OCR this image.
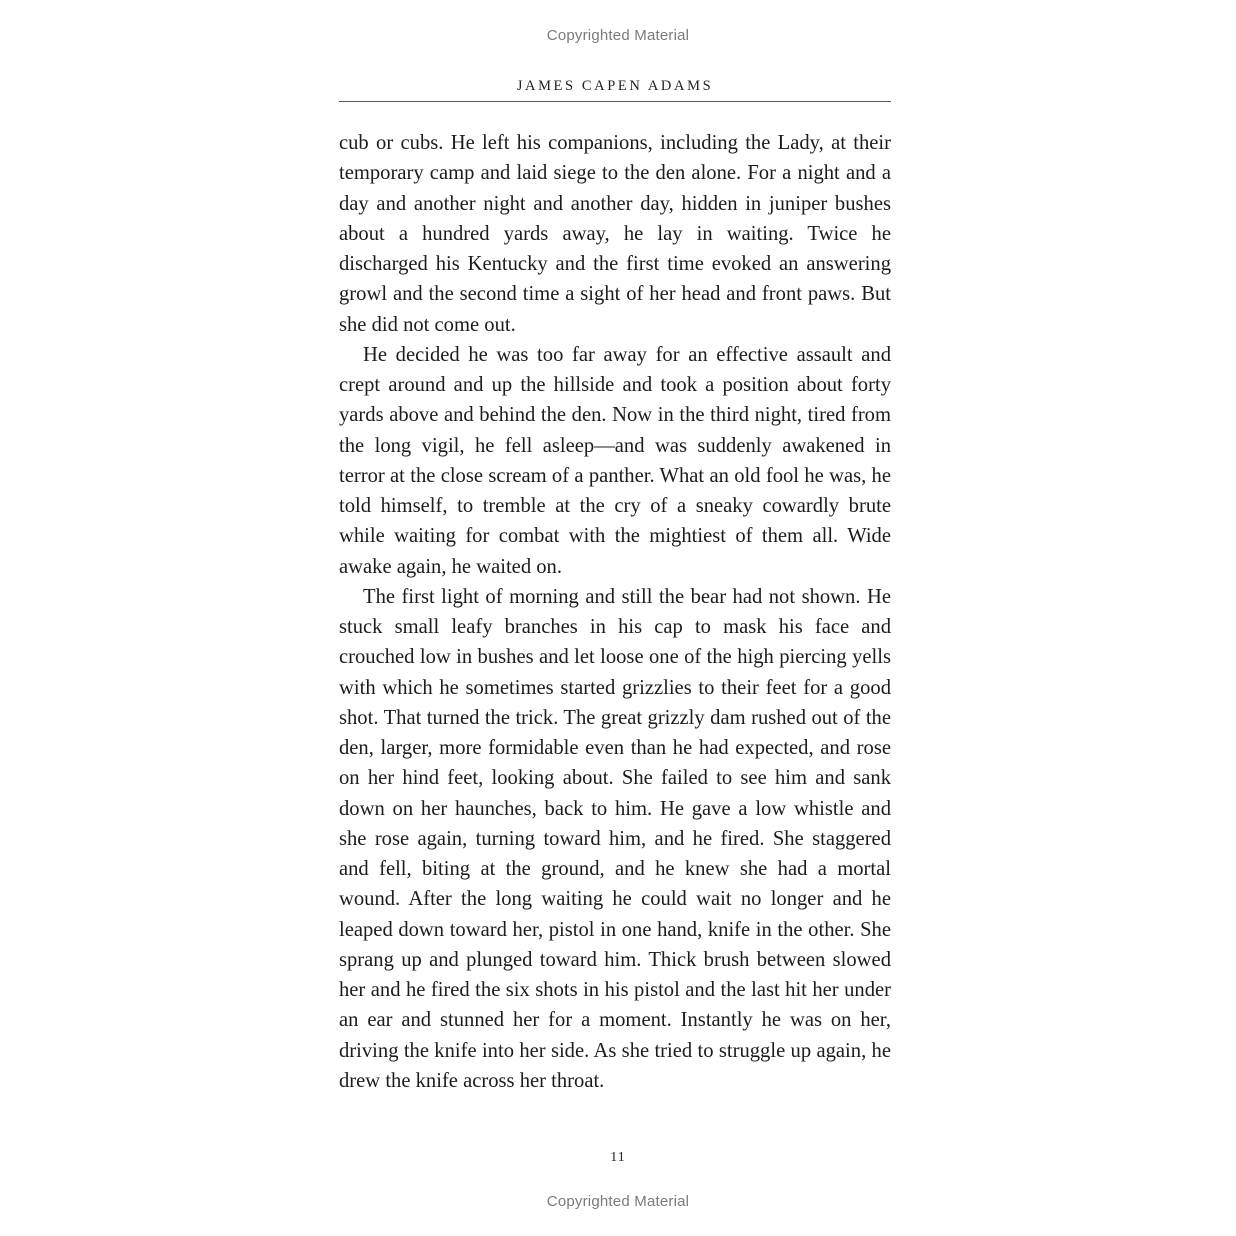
Copyrighted Material
JAMES CAPEN ADAMS

cub or cubs. He left his companions, including the Lady, at their temporary camp and laid siege to the den alone. For a night and a day and another night and another day, hidden in juniper bushes about a hundred yards away, he lay in waiting. Twice he discharged his Kentucky and the first time evoked an answering growl and the second time a sight of her head and front paws. But she did not come out.

He decided he was too far away for an effective assault and crept around and up the hillside and took a position about forty yards above and behind the den. Now in the third night, tired from the long vigil, he fell asleep—and was suddenly awakened in terror at the close scream of a panther. What an old fool he was, he told himself, to tremble at the cry of a sneaky cowardly brute while waiting for combat with the mightiest of them all. Wide awake again, he waited on.

The first light of morning and still the bear had not shown. He stuck small leafy branches in his cap to mask his face and crouched low in bushes and let loose one of the high piercing yells with which he sometimes started grizzlies to their feet for a good shot. That turned the trick. The great grizzly dam rushed out of the den, larger, more formidable even than he had expected, and rose on her hind feet, looking about. She failed to see him and sank down on her haunches, back to him. He gave a low whistle and she rose again, turning toward him, and he fired. She staggered and fell, biting at the ground, and he knew she had a mortal wound. After the long waiting he could wait no longer and he leaped down toward her, pistol in one hand, knife in the other. She sprang up and plunged toward him. Thick brush between slowed her and he fired the six shots in his pistol and the last hit her under an ear and stunned her for a moment. Instantly he was on her, driving the knife into her side. As she tried to struggle up again, he drew the knife across her throat.

11
Copyrighted Material
